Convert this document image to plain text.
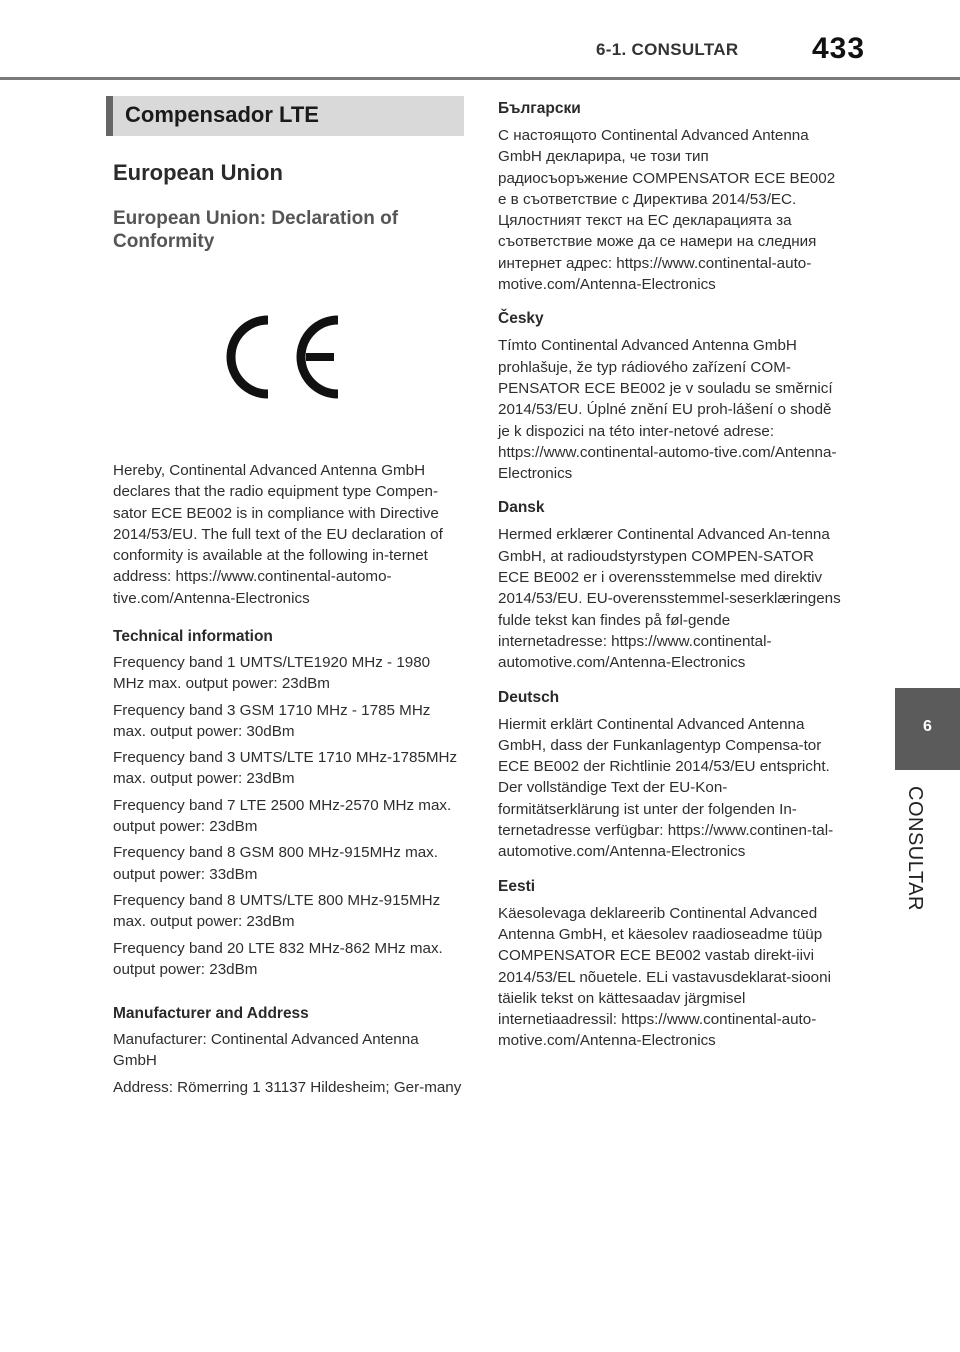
6-1. CONSULTAR 433
6
CONSULTAR
Compensador LTE
European Union
European Union: Declaration of Conformity

Hereby, Continental Advanced Antenna GmbH declares that the radio equipment type Compen-sator ECE BE002 is in compliance with Directive 2014/53/EU. The full text of the EU declaration of conformity is available at the following in-ternet address: https://www.continental-automo-tive.com/Antenna-Electronics

Technical information

Frequency band 1 UMTS/LTE1920 MHz - 1980 MHz max. output power: 23dBm

Frequency band 3 GSM 1710 MHz - 1785 MHz max. output power: 30dBm

Frequency band 3 UMTS/LTE 1710 MHz-1785MHz max. output power: 23dBm

Frequency band 7 LTE 2500 MHz-2570 MHz max. output power: 23dBm

Frequency band 8 GSM 800 MHz-915MHz max. output power: 33dBm

Frequency band 8 UMTS/LTE 800 MHz-915MHz max. output power: 23dBm

Frequency band 20 LTE 832 MHz-862 MHz max. output power: 23dBm

Manufacturer and Address

Manufacturer: Continental Advanced Antenna GmbH

Address: Römerring 1 31137 Hildesheim; Ger-many

Български

С настоящото Continental Advanced Antenna GmbH декларира, че този тип радиосъоръжение COMPENSATOR ECE BE002 е в съответствие с Директива 2014/53/ЕС. Цялостният текст на ЕС декларацията за съответствие може да се намери на следния интернет адрес: https://www.continental-auto-motive.com/Antenna-Electronics

Česky

Tímto Continental Advanced Antenna GmbH prohlašuje, že typ rádiového zařízení COM-PENSATOR ECE BE002 je v souladu se směrnicí 2014/53/EU. Úplné znění EU proh-lášení o shodě je k dispozici na této inter-netové adrese: https://www.continental-automo-tive.com/Antenna-Electronics

Dansk

Hermed erklærer Continental Advanced An-tenna GmbH, at radioudstyrstypen COMPEN-SATOR ECE BE002 er i overensstemmelse med direktiv 2014/53/EU. EU-overensstemmel-seserklæringens fulde tekst kan findes på føl-gende internetadresse: https://www.continental-automotive.com/Antenna-Electronics

Deutsch

Hiermit erklärt Continental Advanced Antenna GmbH, dass der Funkanlagentyp Compensa-tor ECE BE002 der Richtlinie 2014/53/EU entspricht. Der vollständige Text der EU-Kon-formitätserklärung ist unter der folgenden In-ternetadresse verfügbar: https://www.continen-tal-automotive.com/Antenna-Electronics

Eesti

Käesolevaga deklareerib Continental Advanced Antenna GmbH, et käesolev raadioseadme tüüp COMPENSATOR ECE BE002 vastab direkt-iivi 2014/53/EL nõuetele. ELi vastavusdeklarat-siooni täielik tekst on kättesaadav järgmisel internetiaadressil: https://www.continental-auto-motive.com/Antenna-Electronics
